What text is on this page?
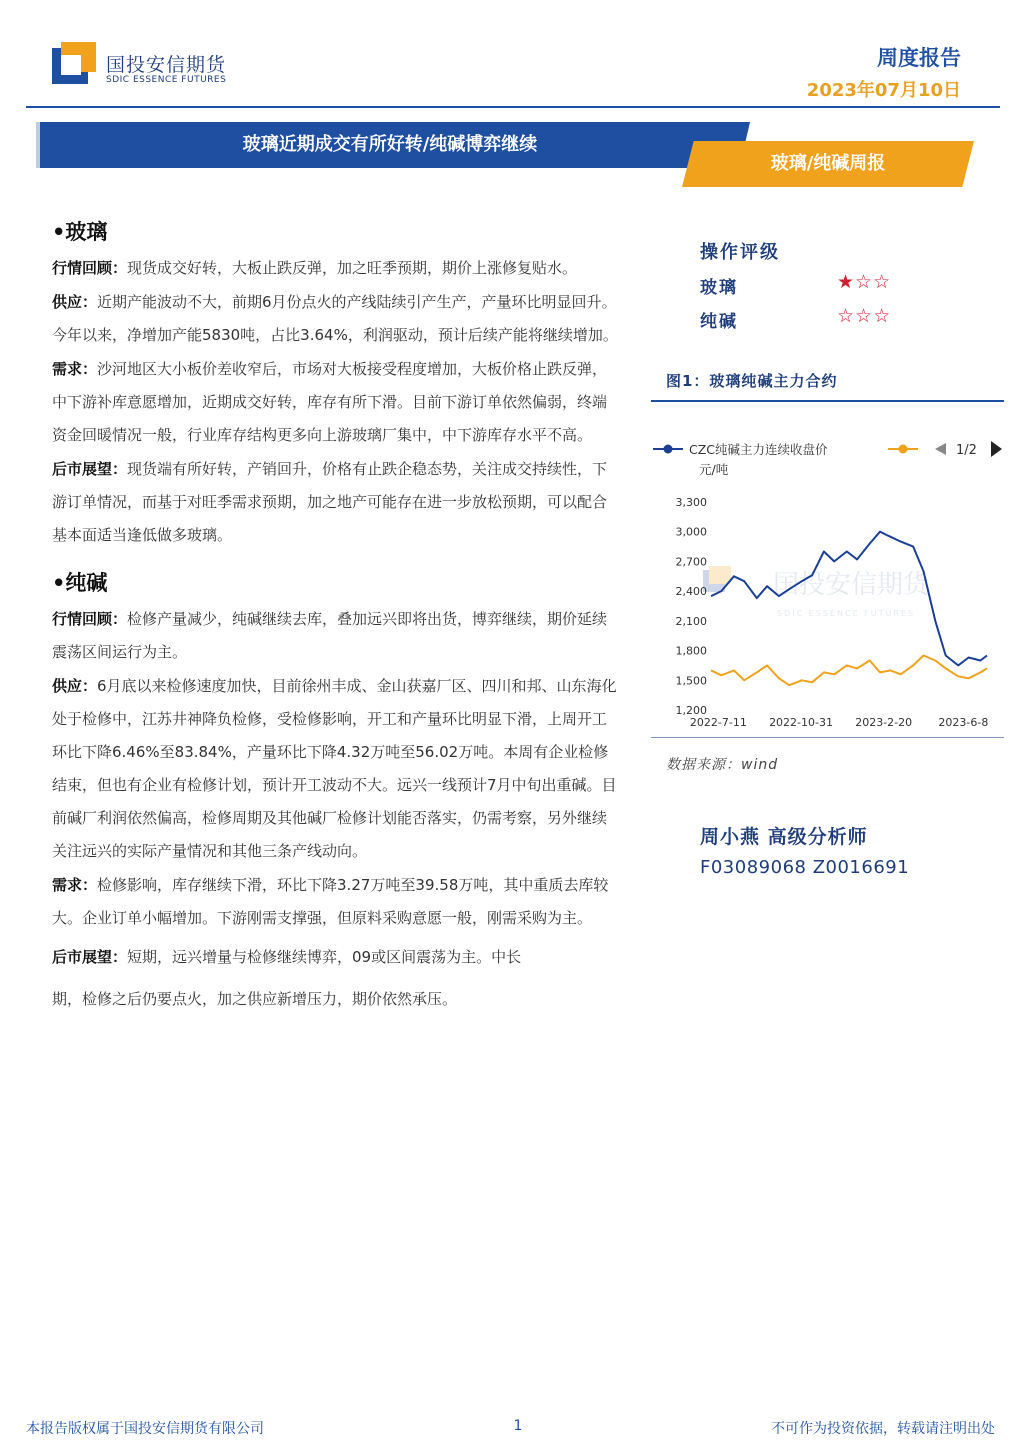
国投安信期货
SDIC ESSENCE FUTURES
周度报告
2023年07月10日
玻璃近期成交有所好转/纯碱博弈继续
玻璃/纯碱周报
•玻璃

行情回顾：现货成交好转，大板止跌反弹，加之旺季预期，期价上涨修复贴水。

供应：近期产能波动不大，前期6月份点火的产线陆续引产生产，产量环比明显回升。今年以来，净增加产能5830吨，占比3.64%，利润驱动，预计后续产能将继续增加。

需求：沙河地区大小板价差收窄后，市场对大板接受程度增加，大板价格止跌反弹，中下游补库意愿增加，近期成交好转，库存有所下滑。目前下游订单依然偏弱，终端资金回暖情况一般，行业库存结构更多向上游玻璃厂集中，中下游库存水平不高。

后市展望：现货端有所好转，产销回升，价格有止跌企稳态势，关注成交持续性，下游订单情况，而基于对旺季需求预期，加之地产可能存在进一步放松预期，可以配合基本面适当逢低做多玻璃。

•纯碱

行情回顾：检修产量减少，纯碱继续去库，叠加远兴即将出货，博弈继续，期价延续震荡区间运行为主。

供应：6月底以来检修速度加快，目前徐州丰成、金山获嘉厂区、四川和邦、山东海化处于检修中，江苏井神降负检修，受检修影响，开工和产量环比明显下滑，上周开工环比下降6.46%至83.84%，产量环比下降4.32万吨至56.02万吨。本周有企业检修结束，但也有企业有检修计划，预计开工波动不大。远兴一线预计7月中旬出重碱。目前碱厂利润依然偏高，检修周期及其他碱厂检修计划能否落实，仍需考察，另外继续关注远兴的实际产量情况和其他三条产线动向。

需求：检修影响，库存继续下滑，环比下降3.27万吨至39.58万吨，其中重质去库较大。企业订单小幅增加。下游刚需支撑强，但原料采购意愿一般，刚需采购为主。

后市展望：短期，远兴增量与检修继续博弈，09或区间震荡为主。中长
期，检修之后仍要点火，加之供应新增压力，期价依然承压。

操作评级
玻璃	★☆☆
纯碱	☆☆☆
图1：玻璃纯碱主力合约
CZC纯碱主力连续收盘价	1/2
元/吨
国投安信期货
SDIC ESSENCE FUTURES
1,200
1,500
1,800
2,100
2,400
2,700
3,000
3,300
2022-7-11 2022-10-31 2023-2-20 2023-6-8
数据来源：wind
周小燕 高级分析师
F03089068 Z0016691
本报告版权属于国投安信期货有限公司	1	不可作为投资依据，转载请注明出处
